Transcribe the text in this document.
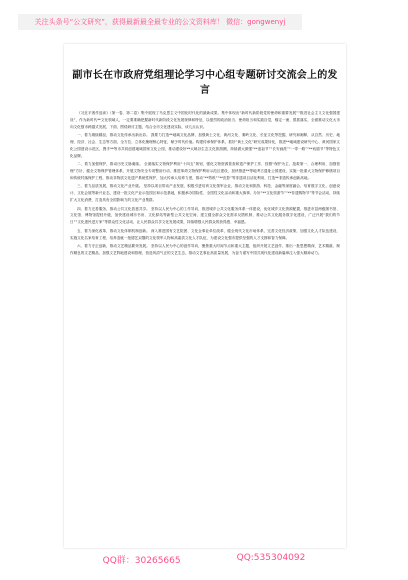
关注头条号“公文研究”，获得最新最全最专业的公文资料库！ 微信：gongwenyj
副市长在市政府党组理论学习中心组专题研讨交流会上的发言

《习近平著作选读》（第一卷、第二卷）集中展现了马克思主义中国化时代化的最新成果，集中体现出“新时代新阶段党的使命和重要发展”“推进社会主义文化强国建设”，作为新时代**文化领域人，一定要准确把握新时代新阶段文化发展规律和特征，以强烈的政治担当、使命担当和实践自觉，锚定一流、狠抓落实，全面推动文化大市向文化强市跨越式发展，下面，围绕研讨主题，结合全市文化建设实际，谈几点认识。

一、着力赓续精品，推动文化传承出新出彩。 我要力打造**地域文化品牌，加强黄土文化、黄河文化、秦岭文化、长征文化等挖掘、研究和阐释，从自然、历史、地理、经济、社会、生态等方面，全方位、立体化梳理核心特征，赋予时代价值。构建传承保护体系，抓好“黄土文化”研究成果转化，推进**地域建设研究中心、黄河国家文化公园建设示范区，携手**等市共同创建地域国家文化公园，推动建设好**大峡谷生态文化旅游圈，持续做大做强“**追祖节”“长安画派”“一带一路”“**戏剧节”等特色文化品牌。

二、着力加强保护，推动历史文脉赓续。 全面落实文物保护利用“十四五”规划，强化文物资源普查和遗产保护工作，按照“保护为主、抢救第一、合理利用、加强管理”方针，健全文物保护管理体系，开展文物安全专项整治行动，推进革命文物保护利用示范区建设，加快推进**等地考古遗址公园建设，实施一批重大文物保护修缮项目和传统村落保护工程，推动非物质文化遗产系统性保护，加大传承人培养力度，推动“**剪纸”“**皮影”等非遗项目活化利用，打造**非遗传承创新高地。

三、着力品质发展，推动文化产业升级。 坚持以项目带动产业发展，积极引进培育文化领军企业，推动文化和旅游、科技、金融等深度融合，培育数字文化、创意设计、文化会展等新兴业态，建设一批文化产业示范园区和示范基地，积极承办国际性、全国性文化活动和重大赛事，办好“**文化旅游节”“**非遗购物节”等节会活动，持续扩大文化消费，打造具有全国影响力的文化产业集群。

四、着力完善服务，推动公共文化普惠共享。 坚持以人民为中心的工作导向，推进城乡公共文化服务体系一体建设，优化城乡文化资源配置，推进市县两级图书馆、文化馆、博物馆提档升级，加快建设城市书房、文化驿站等新型公共文化空间，建立健全群众文化需求反馈机制，推动公共文化服务数字化建设，广泛开展“我们的节日”“文化惠民进万家”等群众性文化活动，让人民群众共享文化发展成果，持续增强人民群众的获得感、幸福感。

五、着力深化改革，推动文化体制机制创新。 深入推进国有文艺院团、文化企事业单位改革，健全现代文化市场体系，完善文化经济政策，加强文化人才队伍建设，实施文化名家培育工程，培养造就一批德艺双馨的文化领军人物和高素质文化人才队伍，为建设文化强市提供坚强的人才支撑和智力保障。

六、着力守正创新，推动文艺精品繁荣发展。 坚持以人民为中心的创作导向，聚焦重大时间节点和重大主题，组织开展文艺创作，推出一批思想精深、艺术精湛、制作精良的文艺精品，加强文艺阵地建设和管理，营造风清气正的文艺生态，推动文艺事业高质量发展，为奋力谱写中国式现代化建设新篇章注入强大精神动力。

QQ群：30265665	QQ:535304092
